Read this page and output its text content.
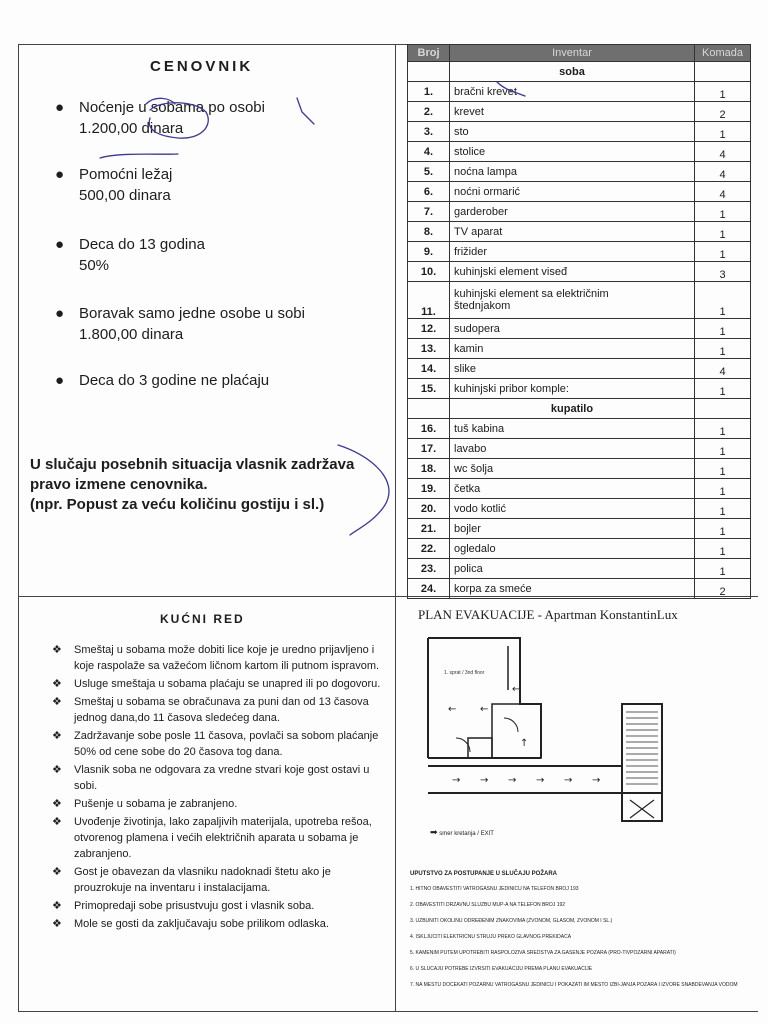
CENOVNIK
● Noćenje u sobama po osobi
1.200,00 dinara
● Pomoćni ležaj
500,00 dinara
● Deca do 13 godina
50%
● Boravak samo jedne osobe u sobi
1.800,00 dinara
● Deca do 3 godine ne plaćaju
U slučaju posebnih situacija vlasnik zadržava
pravo izmene cenovnika.
(npr. Popust za veću količinu gostiju i sl.)
Broj	Inventar	Komada
	soba	
1.	bračni krevet	1
2.	krevet	2
3.	sto	1
4.	stolice	4
5.	noćna lampa	4
6.	noćni ormarić	4
7.	garderober	1
8.	TV aparat	1
9.	frižider	1
10.	kuhinjski element viseđ	3
11.	kuhinjski element sa električnim
štednjakom	1
12.	sudopera	1
13.	kamin	1
14.	slike	4
15.	kuhinjski pribor komple:	1
	kupatilo	
16.	tuš kabina	1
17.	lavabo	1
18.	wc šolja	1
19.	četka	1
20.	vodo kotlić	1
21.	bojler	1
22.	ogledalo	1
23.	polica	1
24.	korpa za smeće	2
KUĆNI RED
❖ Smeštaj u sobama može dobiti lice koje je uredno prijavljeno i koje raspolaže sa važećom ličnom kartom ili putnom ispravom.
❖ Usluge smeštaja u sobama plaćaju se unapred ili po dogovoru.
❖ Smeštaj u sobama se obračunava za puni dan od 13 časova jednog dana,do 11 časova sledećeg dana.
❖ Zadržavanje sobe posle 11 časova, povlači sa sobom plaćanje 50% od cene sobe do 20 časova tog dana.
❖ Vlasnik soba ne odgovara za vredne stvari koje gost ostavi u sobi.
❖ Pušenje u sobama je zabranjeno.
❖ Uvođenje životinja, lako zapaljivih materijala, upotreba rešoa, otvorenog plamena i većih električnih aparata u sobama je zabranjeno.
❖ Gost je obavezan da vlasniku nadoknadi štetu ako je prouzrokuje na inventaru i instalacijama.
❖ Primopredaji sobe prisustvuju gost i vlasnik soba.
❖ Mole se gosti da zaključavaju sobe prilikom odlaska.
PLAN EVAKUACIJE - Apartman KonstantinLux
← ←
←
↑
→ → → → → →
1. sprat / 3nd floor
➡ smer kretanja / EXIT
UPUTSTVO ZA POSTUPANJE U SLUČAJU POŽARA
1. HITNO OBAVESTITI VATROGASNU JEDINICU NA TELEFON BROJ 193
2. OBAVESTITI DRŽAVNU SLUŽBU MUP-A NA TELEFON BROJ 192
3. UZBUNITI OKOLINU ODREĐENIM ZNAKOVIMA (ZVONOM, GLASOM, ZVONOM I SL.)
4. ISKLJUČITI ELEKTRIČNU STRUJU PREKO GLAVNOG PREKIDAČA
5. KAMENIM PUTEM UPOTREBITI RASPOLOŽIVA SREDSTVA ZA GAŠENJE POŽARA (PRO-TIVPOŽARNI APARATI)
6. U SLUČAJU POTREBE IZVRŠITI EVAKUACIJU PREMA PLANU EVAKUACIJE
7. NA MESTU DOČEKATI POŽARNU VATROGASNU JEDINICU I POKAZATI IM MESTO IZBI-JANJA POŽARA I IZVORE SNABDEVANJA VODOM
